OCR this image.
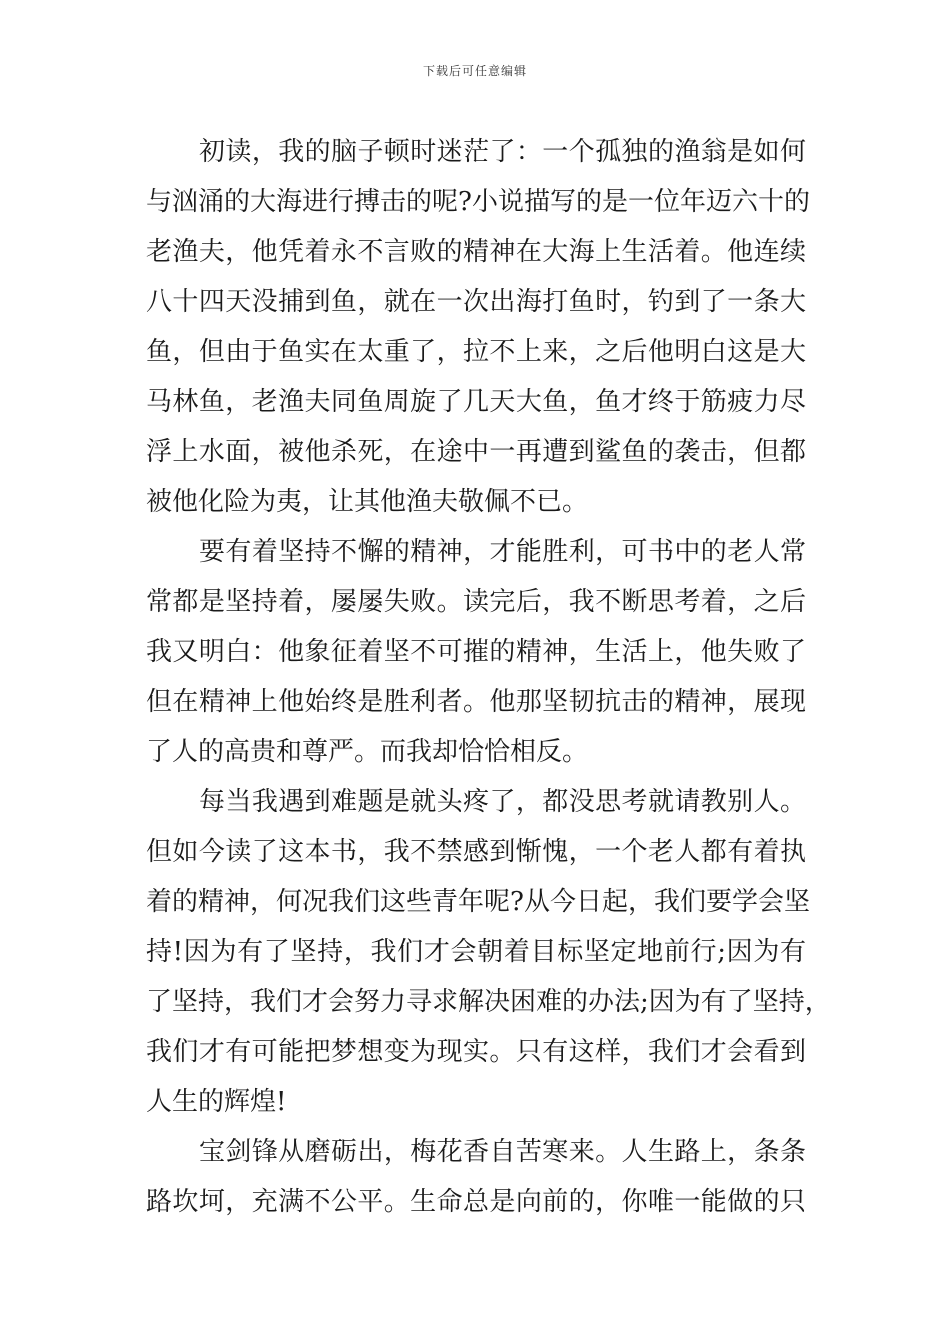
下载后可任意编辑
初读，我的脑子顿时迷茫了：一个孤独的渔翁是如何
与汹涌的大海进行搏击的呢?小说描写的是一位年迈六十的
老渔夫，他凭着永不言败的精神在大海上生活着。他连续
八十四天没捕到鱼，就在一次出海打鱼时，钓到了一条大
鱼，但由于鱼实在太重了，拉不上来，之后他明白这是大
马林鱼，老渔夫同鱼周旋了几天大鱼，鱼才终于筋疲力尽
浮上水面，被他杀死，在途中一再遭到鲨鱼的袭击，但都
被他化险为夷，让其他渔夫敬佩不已。
要有着坚持不懈的精神，才能胜利，可书中的老人常
常都是坚持着，屡屡失败。读完后，我不断思考着，之后
我又明白：他象征着坚不可摧的精神，生活上，他失败了
但在精神上他始终是胜利者。他那坚韧抗击的精神，展现
了人的高贵和尊严。而我却恰恰相反。
每当我遇到难题是就头疼了，都没思考就请教别人。
但如今读了这本书，我不禁感到惭愧，一个老人都有着执
着的精神，何况我们这些青年呢?从今日起，我们要学会坚
持!因为有了坚持，我们才会朝着目标坚定地前行;因为有
了坚持，我们才会努力寻求解决困难的办法;因为有了坚持，
我们才有可能把梦想变为现实。只有这样，我们才会看到
人生的辉煌!
宝剑锋从磨砺出，梅花香自苦寒来。人生路上，条条
路坎坷，充满不公平。生命总是向前的，你唯一能做的只
